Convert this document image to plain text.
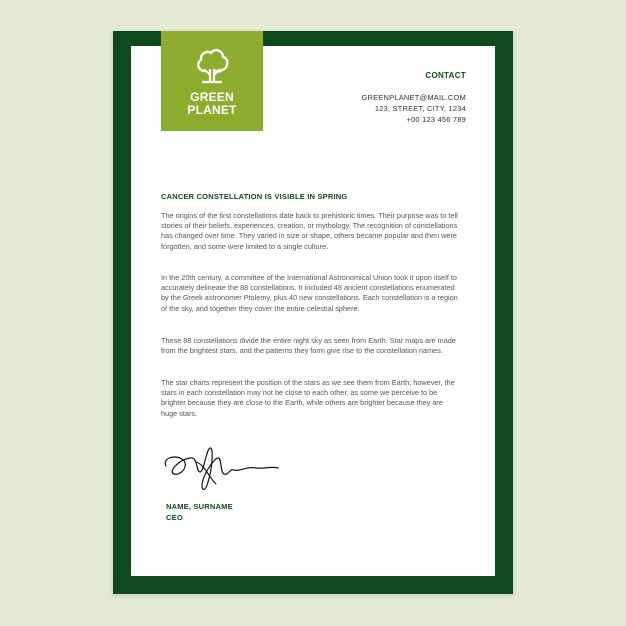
GREEN
PLANET
CONTACT
GREENPLANET@MAIL.COM
123, STREET, CITY, 1234
+00 123 456 789
CANCER CONSTELLATION IS VISIBLE IN SPRING

The origins of the first constellations date back to prehistoric times. Their purpose was to tell stories of their beliefs, experiences, creation, or mythology. The recognition of constellations has changed over time. They varied in size or shape, others became popular and then were forgotten, and some were limited to a single culture.

In the 20th century, a committee of the International Astronomical Union took it upon itself to accurately delineate the 88 constellations. It included 48 ancient constellations enumerated by the Greek astronomer Ptolemy, plus 40 new constellations. Each constellation is a region of the sky, and together they cover the entire celestial sphere.

These 88 constellations divide the entire night sky as seen from Earth. Star maps are made from the brightest stars, and the patterns they form give rise to the constellation names.

The star charts represent the position of the stars as we see them from Earth; however, the stars in each constellation may not be close to each other, as some we perceive to be brighter because they are close to the Earth, while others are brighter because they are huge stars.

NAME, SURNAME
CEO
